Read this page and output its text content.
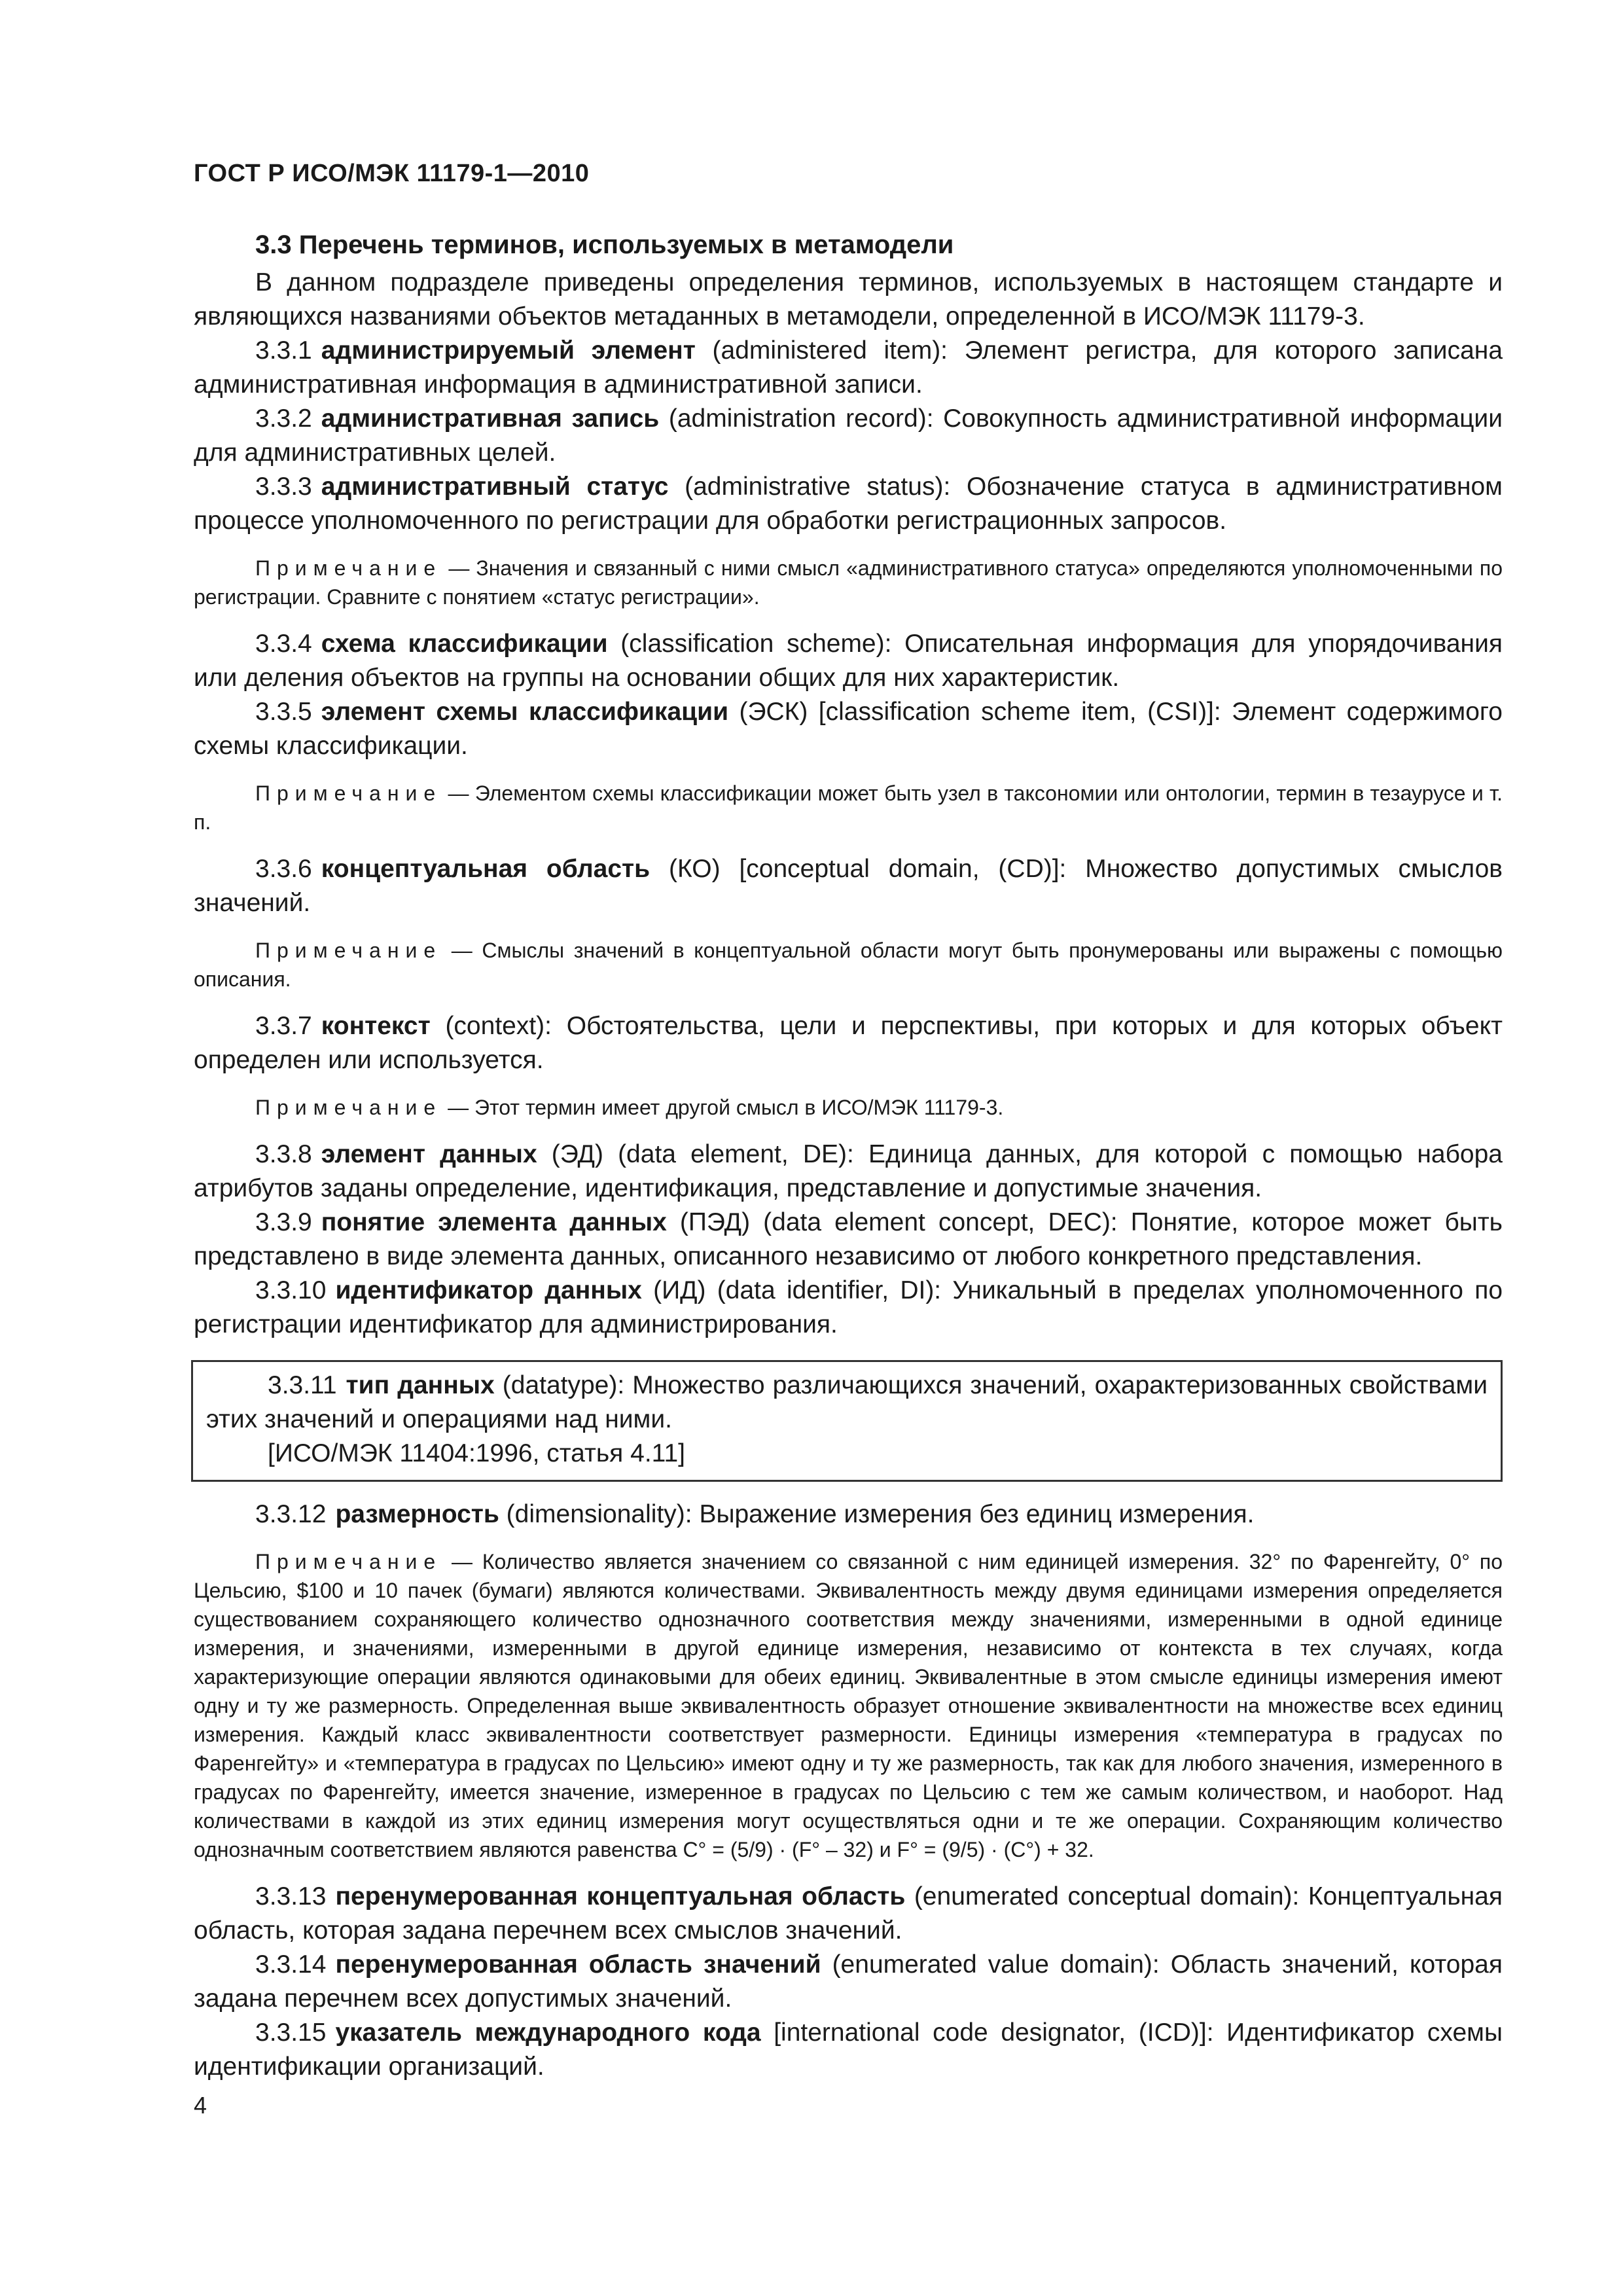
ГОСТ Р ИСО/МЭК 11179-1—2010
3.3 Перечень терминов, используемых в метамодели

В данном подразделе приведены определения терминов, используемых в настоящем стандарте и являющихся названиями объектов метаданных в метамодели, определенной в ИСО/МЭК 11179-3.

3.3.1 администрируемый элемент (administered item): Элемент регистра, для которого записана административная информация в административной записи.

3.3.2 административная запись (administration record): Совокупность административной информации для административных целей.

3.3.3 административный статус (administrative status): Обозначение статуса в административном процессе уполномоченного по регистрации для обработки регистрационных запросов.

Примечание — Значения и связанный с ними смысл «административного статуса» определяются уполномоченными по регистрации. Сравните с понятием «статус регистрации».

3.3.4 схема классификации (classification scheme): Описательная информация для упорядочивания или деления объектов на группы на основании общих для них характеристик.

3.3.5 элемент схемы классификации (ЭСК) [classification scheme item, (CSI)]: Элемент содержимого схемы классификации.

Примечание — Элементом схемы классификации может быть узел в таксономии или онтологии, термин в тезаурусе и т. п.

3.3.6 концептуальная область (КО) [conceptual domain, (CD)]: Множество допустимых смыслов значений.

Примечание — Смыслы значений в концептуальной области могут быть пронумерованы или выражены с помощью описания.

3.3.7 контекст (context): Обстоятельства, цели и перспективы, при которых и для которых объект определен или используется.

Примечание — Этот термин имеет другой смысл в ИСО/МЭК 11179-3.

3.3.8 элемент данных (ЭД) (data element, DE): Единица данных, для которой с помощью набора атрибутов заданы определение, идентификация, представление и допустимые значения.

3.3.9 понятие элемента данных (ПЭД) (data element concept, DEC): Понятие, которое может быть представлено в виде элемента данных, описанного независимо от любого конкретного представления.

3.3.10 идентификатор данных (ИД) (data identifier, DI): Уникальный в пределах уполномоченного по регистрации идентификатор для администрирования.

3.3.11 тип данных (datatype): Множество различающихся значений, охарактеризованных свойствами этих значений и операциями над ними.

[ИСО/МЭК 11404:1996, статья 4.11]

3.3.12 размерность (dimensionality): Выражение измерения без единиц измерения.

Примечание — Количество является значением со связанной с ним единицей измерения. 32° по Фаренгейту, 0° по Цельсию, $100 и 10 пачек (бумаги) являются количествами. Эквивалентность между двумя единицами измерения определяется существованием сохраняющего количество однозначного соответствия между значениями, измеренными в одной единице измерения, и значениями, измеренными в другой единице измерения, независимо от контекста в тех случаях, когда характеризующие операции являются одинаковыми для обеих единиц. Эквивалентные в этом смысле единицы измерения имеют одну и ту же размерность. Определенная выше эквивалентность образует отношение эквивалентности на множестве всех единиц измерения. Каждый класс эквивалентности соответствует размерности. Единицы измерения «температура в градусах по Фаренгейту» и «температура в градусах по Цельсию» имеют одну и ту же размерность, так как для любого значения, измеренного в градусах по Фаренгейту, имеется значение, измеренное в градусах по Цельсию с тем же самым количеством, и наоборот. Над количествами в каждой из этих единиц измерения могут осуществляться одни и те же операции. Сохраняющим количество однозначным соответствием являются равенства C° = (5/9) · (F° – 32) и F° = (9/5) · (C°) + 32.

3.3.13 перенумерованная концептуальная область (enumerated conceptual domain): Концептуальная область, которая задана перечнем всех смыслов значений.

3.3.14 перенумерованная область значений (enumerated value domain): Область значений, которая задана перечнем всех допустимых значений.

3.3.15 указатель международного кода [international code designator, (ICD)]: Идентификатор схемы идентификации организаций.

4
